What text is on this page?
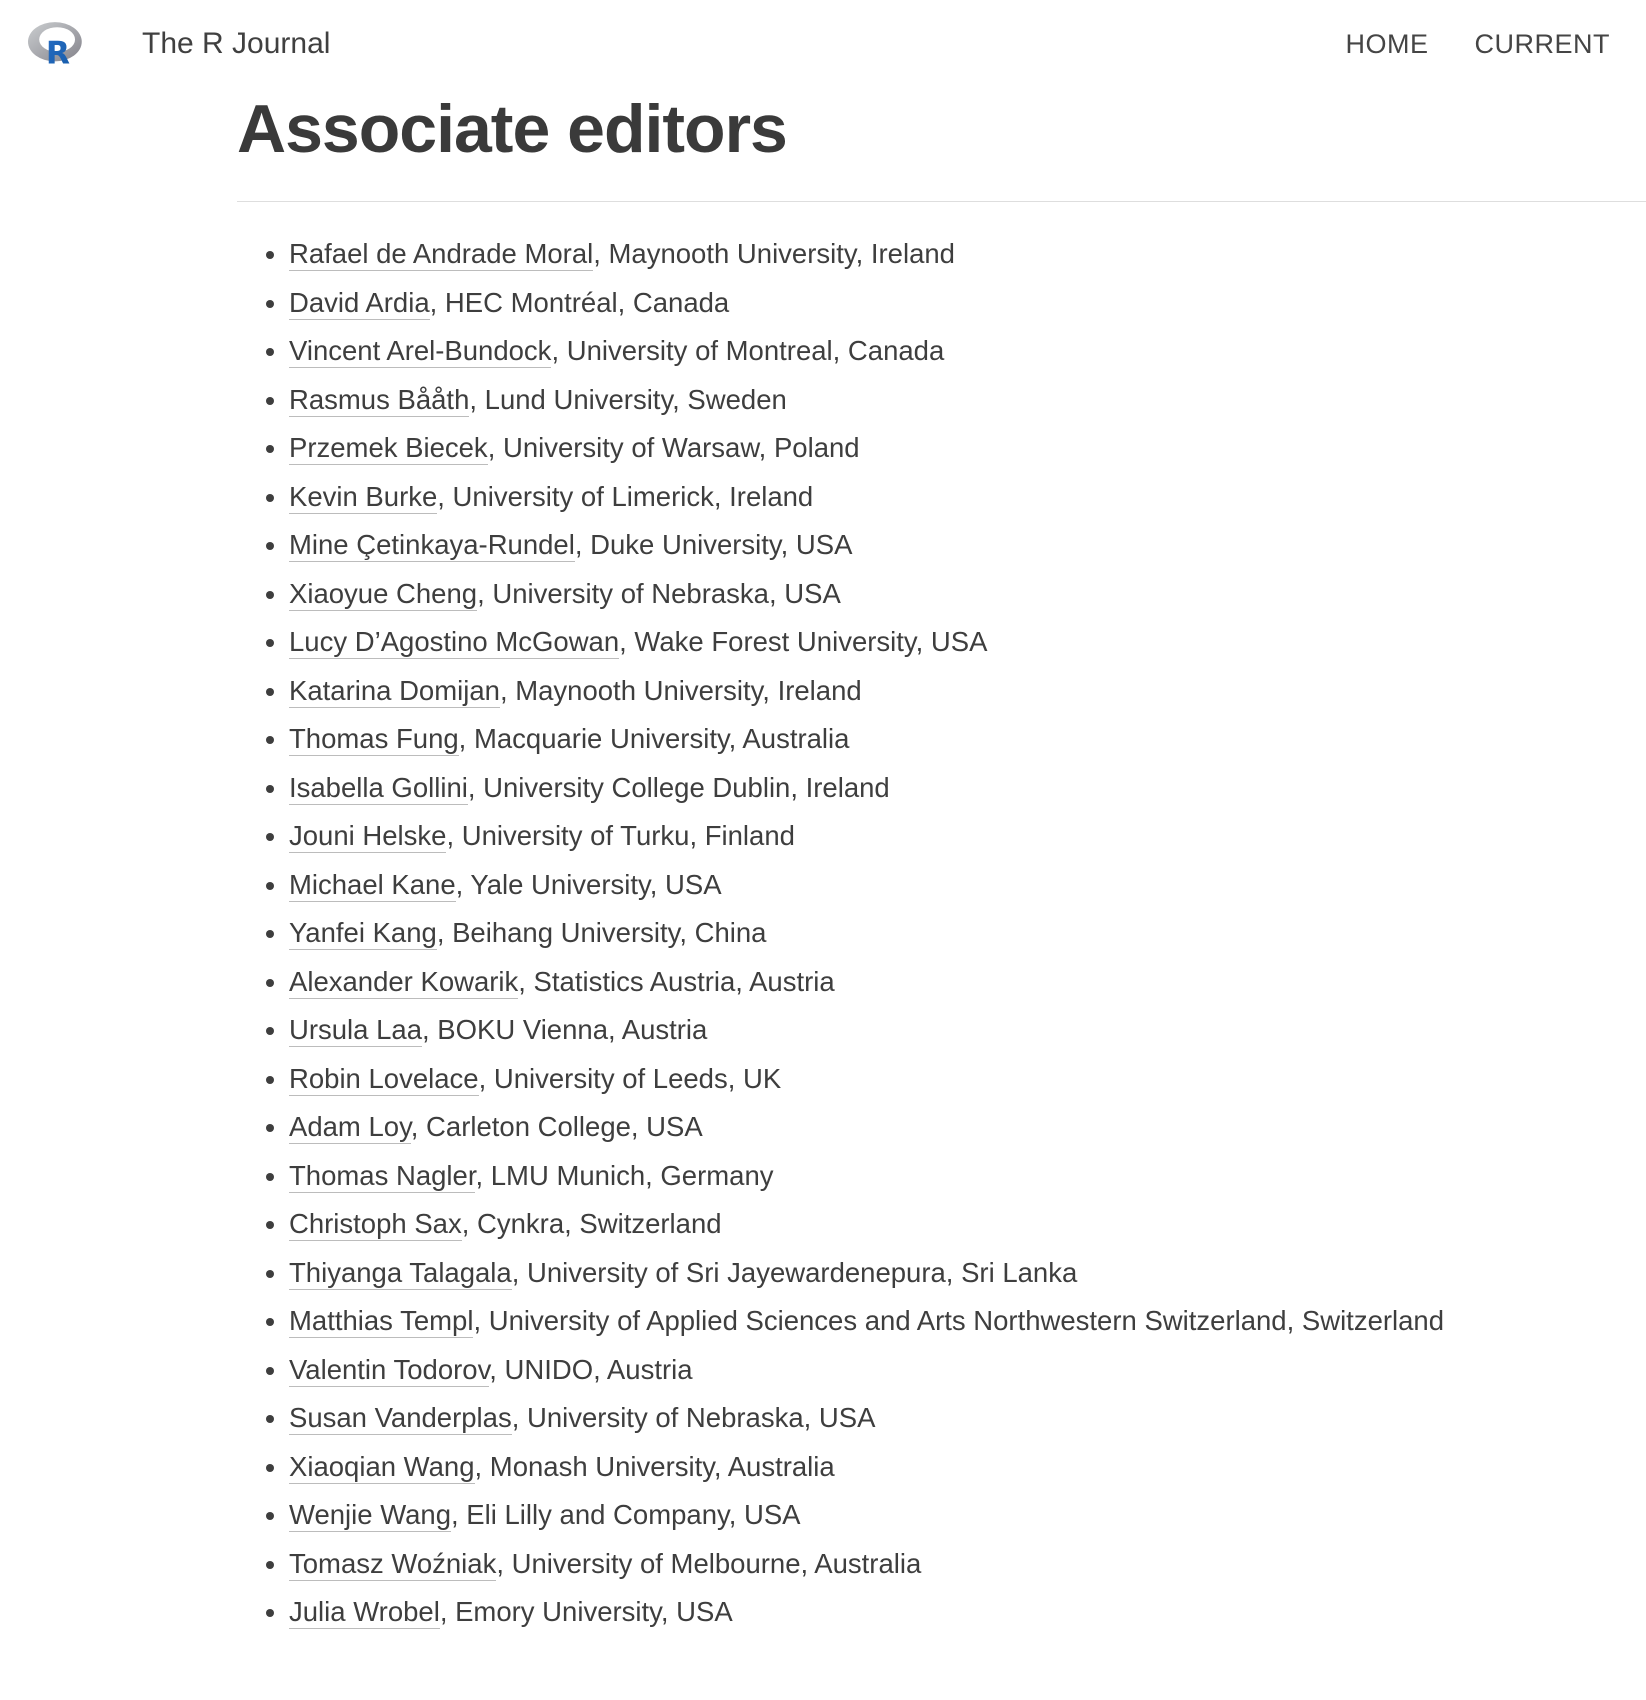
R The R Journal	HOME CURRENT
Associate editors
• Rafael de Andrade Moral, Maynooth University, Ireland
• David Ardia, HEC Montréal, Canada
• Vincent Arel-Bundock, University of Montreal, Canada
• Rasmus Bååth, Lund University, Sweden
• Przemek Biecek, University of Warsaw, Poland
• Kevin Burke, University of Limerick, Ireland
• Mine Çetinkaya-Rundel, Duke University, USA
• Xiaoyue Cheng, University of Nebraska, USA
• Lucy D’Agostino McGowan, Wake Forest University, USA
• Katarina Domijan, Maynooth University, Ireland
• Thomas Fung, Macquarie University, Australia
• Isabella Gollini, University College Dublin, Ireland
• Jouni Helske, University of Turku, Finland
• Michael Kane, Yale University, USA
• Yanfei Kang, Beihang University, China
• Alexander Kowarik, Statistics Austria, Austria
• Ursula Laa, BOKU Vienna, Austria
• Robin Lovelace, University of Leeds, UK
• Adam Loy, Carleton College, USA
• Thomas Nagler, LMU Munich, Germany
• Christoph Sax, Cynkra, Switzerland
• Thiyanga Talagala, University of Sri Jayewardenepura, Sri Lanka
• Matthias Templ, University of Applied Sciences and Arts Northwestern Switzerland, Switzerland
• Valentin Todorov, UNIDO, Austria
• Susan Vanderplas, University of Nebraska, USA
• Xiaoqian Wang, Monash University, Australia
• Wenjie Wang, Eli Lilly and Company, USA
• Tomasz Woźniak, University of Melbourne, Australia
• Julia Wrobel, Emory University, USA
